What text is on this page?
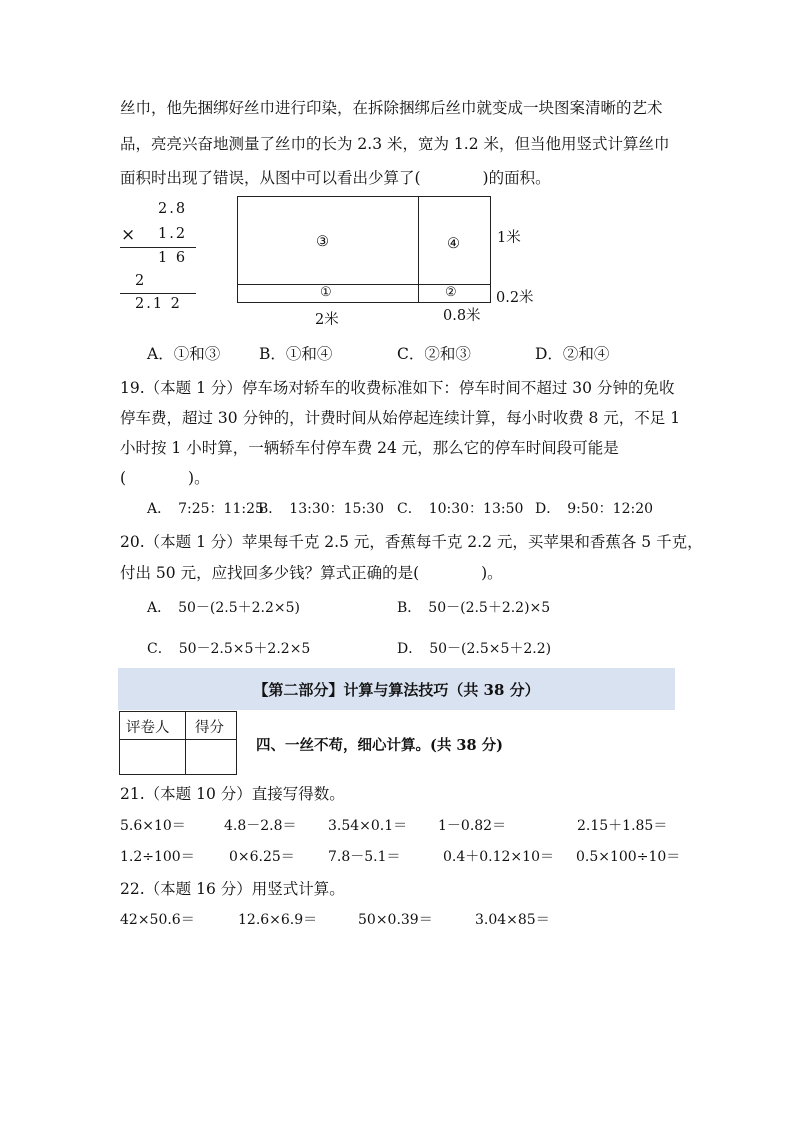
丝巾，他先捆绑好丝巾进行印染，在拆除捆绑后丝巾就变成一块图案清晰的艺术
品，亮亮兴奋地测量了丝巾的长为 2.3 米，宽为 1.2 米，但当他用竖式计算丝巾
面积时出现了错误，从图中可以看出少算了(　　　　)的面积。
2.8
× 1.2
1 6
2
2.1 2
③	④
①	②
1米
0.2米
2米	0.8米
A．①和③	B．①和④	C．②和③	D．②和④
19.（本题 1 分）停车场对轿车的收费标准如下：停车时间不超过 30 分钟的免收
停车费，超过 30 分钟的，计费时间从始停起连续计算，每小时收费 8 元，不足 1
小时按 1 小时算，一辆轿车付停车费 24 元，那么它的停车时间段可能是
(　　　　)。
A．　7:25：11:25
B．　13:30：15:30 C．　10:30：13:50 D．　9:50：12:20
20.（本题 1 分）苹果每千克 2.5 元，香蕉每千克 2.2 元，买苹果和香蕉各 5 千克，
付出 50 元，应找回多少钱？算式正确的是(　　　　)。
A．　50－(2.5＋2.2×5)	B．　50－(2.5＋2.2)×5
C．　50－2.5×5＋2.2×5	D．　50－(2.5×5＋2.2)
【第二部分】计算与算法技巧（共 38 分）
评卷人 得分
四、一丝不苟，细心计算。(共 38 分)
21.（本题 10 分）直接写得数。
5.6×10＝	4.8－2.8＝ 3.54×0.1＝ 1－0.82＝	2.15＋1.85＝
1.2÷100＝ 0×6.25＝ 7.8－5.1＝	0.4＋0.12×10＝ 0.5×100÷10＝
22.（本题 16 分）用竖式计算。
42×50.6＝	12.6×6.9＝	50×0.39＝	3.04×85＝
